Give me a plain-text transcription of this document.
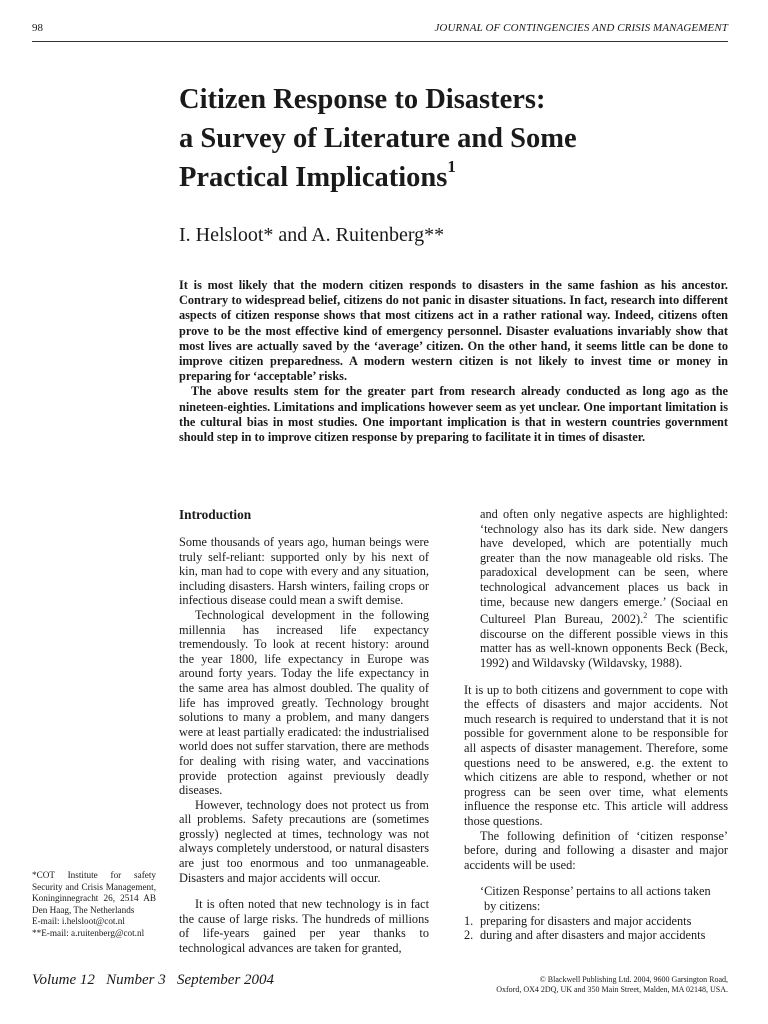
98	JOURNAL OF CONTINGENCIES AND CRISIS MANAGEMENT
Citizen Response to Disasters:
a Survey of Literature and Some
Practical Implications$^1$
I. Helsloot* and A. Ruitenberg**

It is most likely that the modern citizen responds to disasters in the same fashion as his ancestor. Contrary to widespread belief, citizens do not panic in disaster situations. In fact, research into different aspects of citizen response shows that most citizens act in a rather rational way. Indeed, citizens often prove to be the most effective kind of emergency personnel. Disaster evaluations invariably show that most lives are actually saved by the ‘average’ citizen. On the other hand, it seems little can be done to improve citizen preparedness. A modern western citizen is not likely to invest time or money in preparing for ‘acceptable’ risks.

The above results stem for the greater part from research already conducted as long ago as the nineteen-eighties. Limitations and implications however seem as yet unclear. One important limitation is the cultural bias in most studies. One important implication is that in western countries government should step in to improve citizen response by preparing to facilitate it in times of disaster.

Introduction

Some thousands of years ago, human beings were truly self-reliant: supported only by his next of kin, man had to cope with every and any situation, including disasters. Harsh winters, failing crops or infectious disease could mean a swift demise.

Technological development in the following millennia has increased life expectancy tremendously. To look at recent history: around the year 1800, life expectancy in Europe was around forty years. Today the life expectancy in the same area has almost doubled. The quality of life has improved greatly. Technology brought solutions to many a problem, and many dangers were at least partially eradicated: the industrialised world does not suffer starvation, there are methods for dealing with rising water, and vaccinations provide protection against previously deadly diseases.

However, technology does not protect us from all problems. Safety precautions are (sometimes grossly) neglected at times, technology was not always completely understood, or natural disasters are just too enormous and too unmanageable. Disasters and major accidents will occur.

It is often noted that new technology is in fact the cause of large risks. The hundreds of millions of life-years gained per year thanks to technological advances are taken for granted,

and often only negative aspects are highlighted: ‘technology also has its dark side. New dangers have developed, which are potentially much greater than the now manageable old risks. The paradoxical development can be seen, where technological advancement places us back in time, because new dangers emerge.’ (Sociaal en Cultureel Plan Bureau, 2002).$^2$ The scientific discourse on the different possible views in this matter has as well-known opponents Beck (Beck, 1992) and Wildavsky (Wildavsky, 1988).

It is up to both citizens and government to cope with the effects of disasters and major accidents. Not much research is required to understand that it is not possible for government alone to be responsible for all aspects of disaster management. Therefore, some questions need to be answered, e.g. the extent to which citizens are able to respond, whether or not progress can be seen over time, what elements influence the response etc. This article will address those questions.

The following definition of ‘citizen response’ before, during and following a disaster and major accidents will be used:

‘Citizen Response’ pertains to all actions taken

by citizens:

1. preparing for disasters and major accidents
2. during and after disasters and major accidents

*COT Institute for safety Security and Crisis Management, Koninginnegracht 26, 2514 AB Den Haag, The Netherlands

E-mail: i.helsloot@cot.nl

**E-mail: a.ruitenberg@cot.nl

Volume 12   Number 3   September 2004	© Blackwell Publishing Ltd. 2004, 9600 Garsington Road,
Oxford, OX4 2DQ, UK and 350 Main Street, Malden, MA 02148, USA.
